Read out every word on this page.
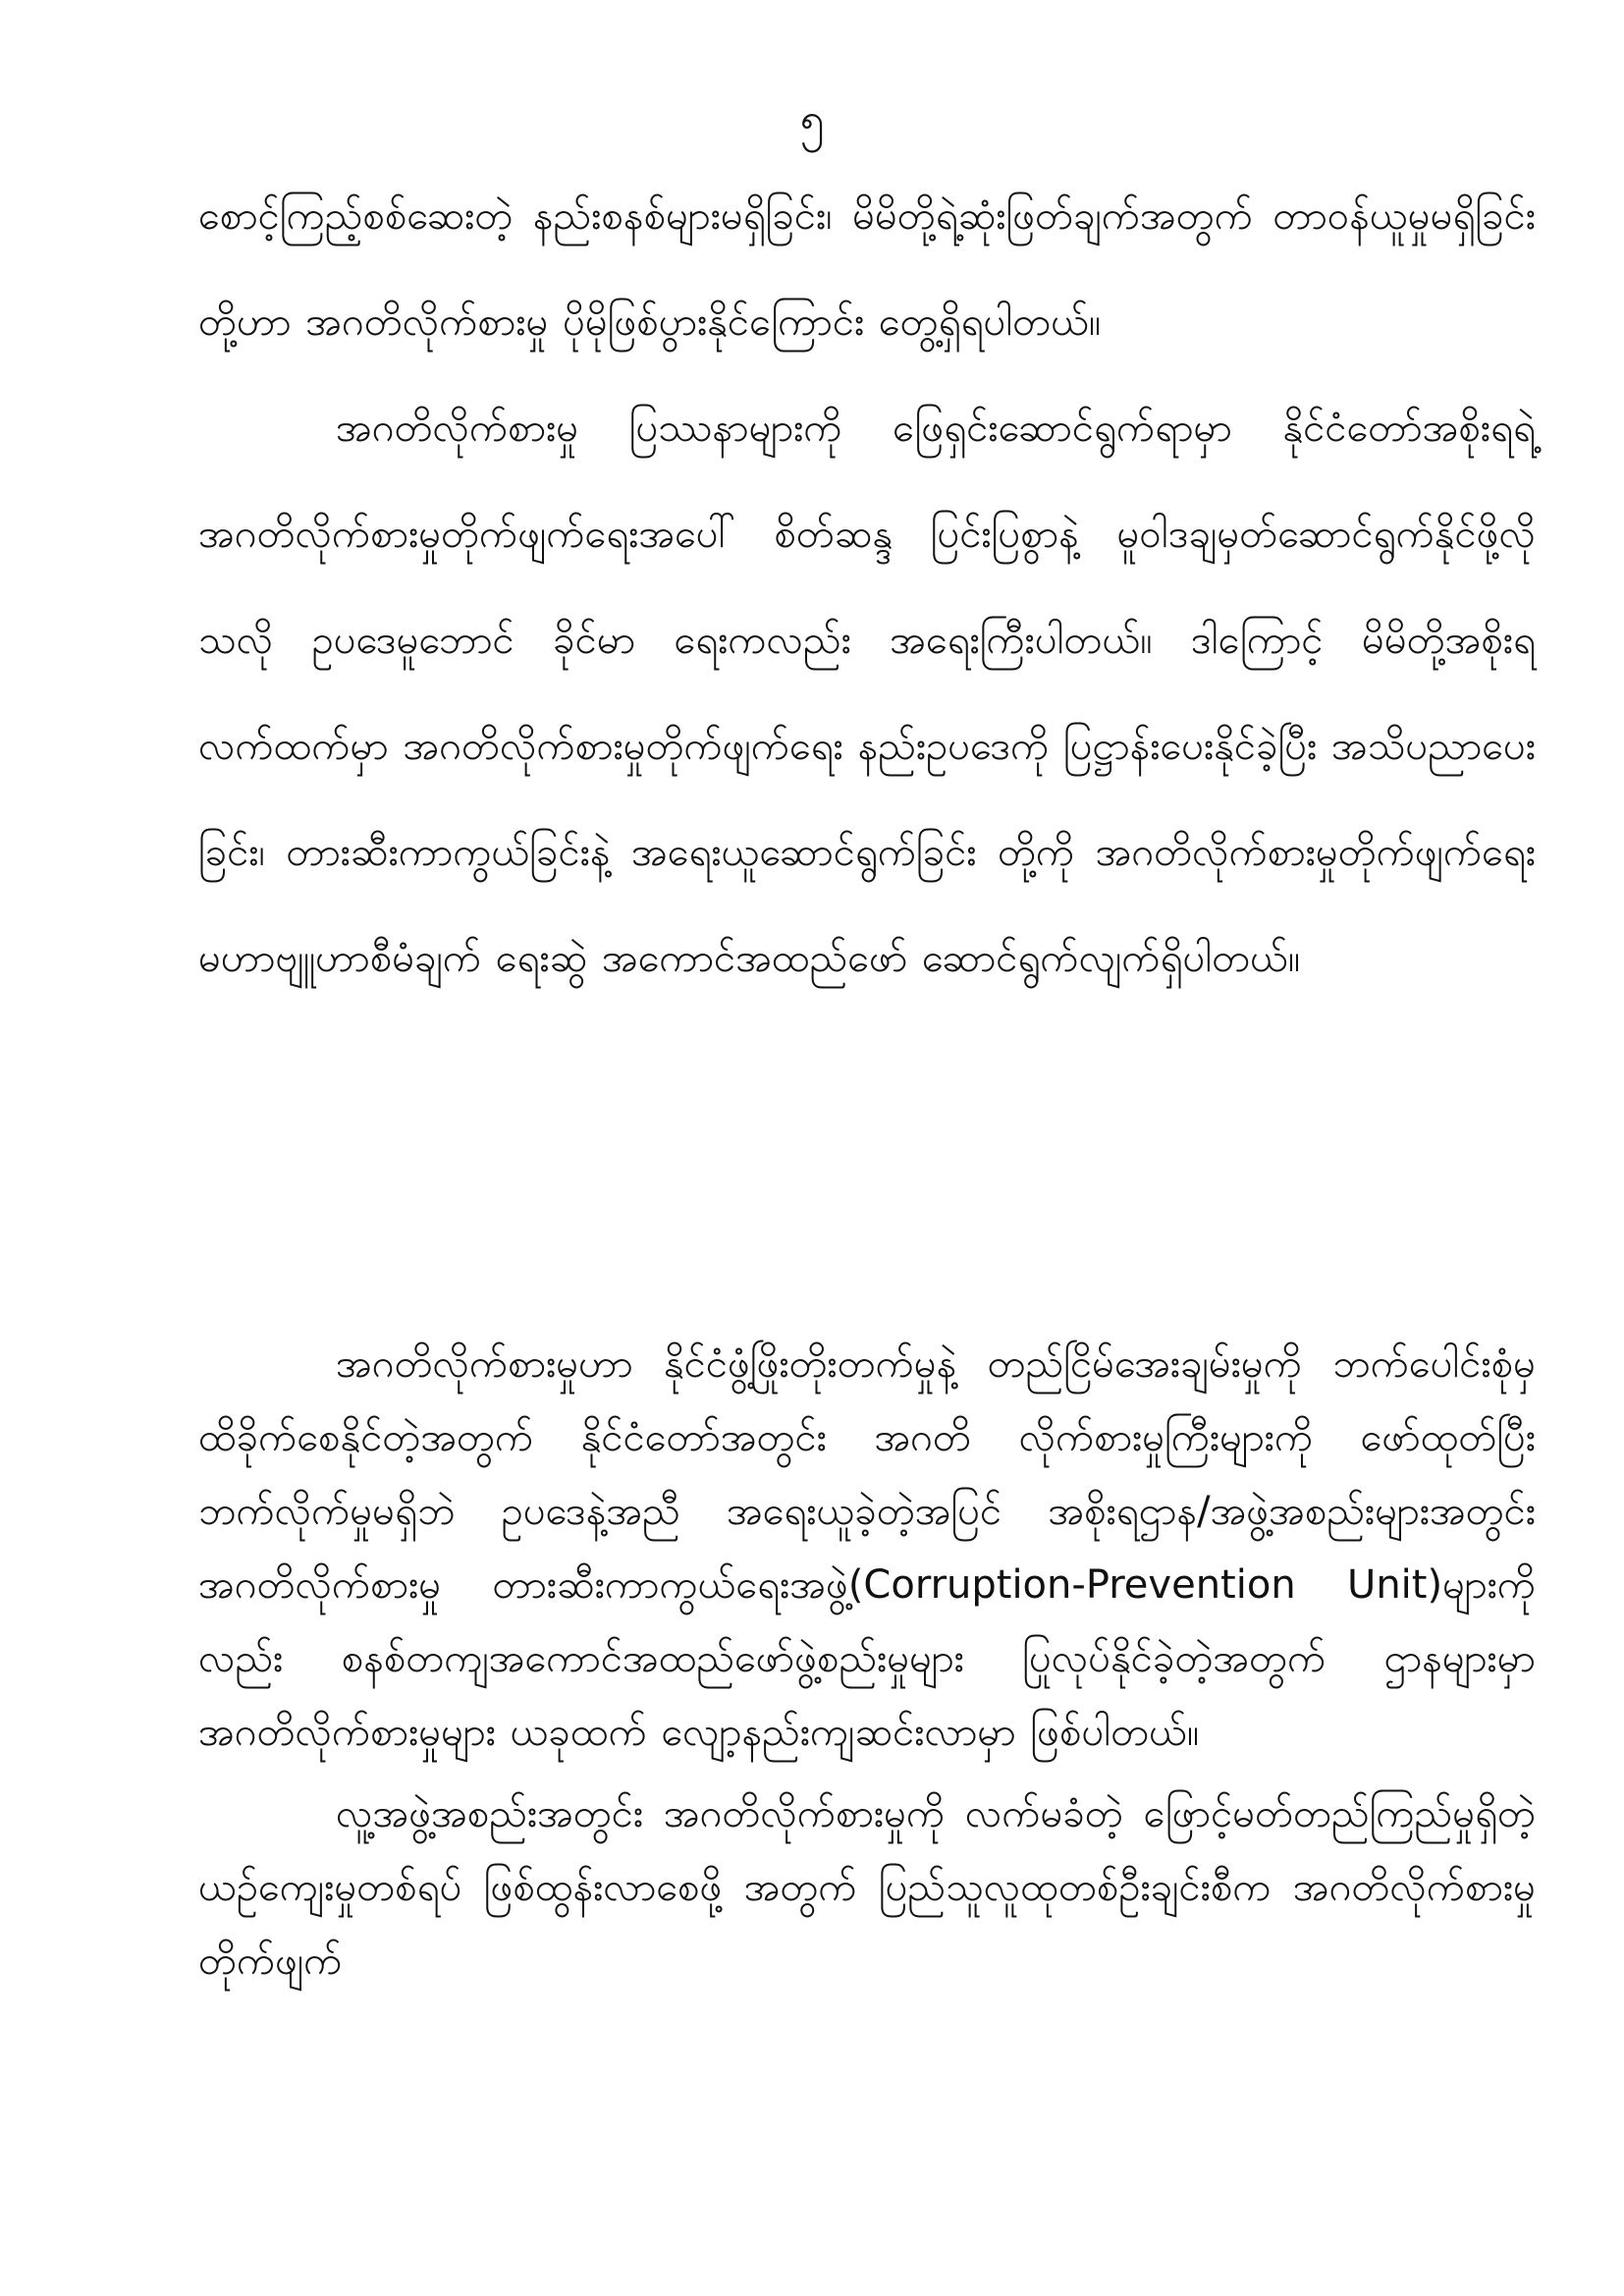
၅

စောင့်ကြည့်စစ်ဆေးတဲ့ နည်းစနစ်များမရှိခြင်း၊ မိမိတို့ရဲ့ဆုံးဖြတ်ချက်အတွက် တာဝန်ယူမှုမရှိခြင်းတို့ဟာ အဂတိလိုက်စားမှု ပိုမိုဖြစ်ပွားနိုင်ကြောင်း တွေ့ရှိရပါတယ်။

အဂတိလိုက်စားမှု ပြဿနာများကို ဖြေရှင်းဆောင်ရွက်ရာမှာ နိုင်ငံတော်အစိုးရရဲ့ အဂတိလိုက်စားမှုတိုက်ဖျက်ရေးအပေါ် စိတ်ဆန္ဒ ပြင်းပြစွာနဲ့ မူဝါဒချမှတ်ဆောင်ရွက်နိုင်ဖို့လိုသလို ဥပဒေမူဘောင် ခိုင်မာ ရေးကလည်း အရေးကြီးပါတယ်။ ဒါကြောင့် မိမိတို့အစိုးရ လက်ထက်မှာ အဂတိလိုက်စားမှုတိုက်ဖျက်ရေး နည်းဥပဒေကို ပြဋ္ဌာန်းပေးနိုင်ခဲ့ပြီး အသိပညာပေးခြင်း၊ တားဆီးကာကွယ်ခြင်းနဲ့ အရေးယူဆောင်ရွက်ခြင်း တို့ကို အဂတိလိုက်စားမှုတိုက်ဖျက်ရေး မဟာဗျူဟာစီမံချက် ရေးဆွဲ အကောင်အထည်ဖော် ဆောင်ရွက်လျက်ရှိပါတယ်။

အဂတိလိုက်စားမှုဟာ နိုင်ငံဖွံ့ဖြိုးတိုးတက်မှုနဲ့ တည်ငြိမ်အေးချမ်းမှုကို ဘက်ပေါင်းစုံမှ ထိခိုက်စေနိုင်တဲ့အတွက် နိုင်ငံတော်အတွင်း အဂတိ လိုက်စားမှုကြီးများကို ဖော်ထုတ်ပြီး ဘက်လိုက်မှုမရှိဘဲ ဥပဒေနဲ့အညီ အရေးယူခဲ့တဲ့အပြင် အစိုးရဌာန/အဖွဲ့အစည်းများအတွင်း အဂတိလိုက်စားမှု တားဆီးကာကွယ်ရေးအဖွဲ့(Corruption-Prevention Unit)များကိုလည်း စနစ်တကျအကောင်အထည်ဖော်ဖွဲ့စည်းမှုများ ပြုလုပ်နိုင်ခဲ့တဲ့အတွက် ဌာနများမှာ အဂတိလိုက်စားမှုများ ယခုထက် လျော့နည်းကျဆင်းလာမှာ ဖြစ်ပါတယ်။

လူ့အဖွဲ့အစည်းအတွင်း အဂတိလိုက်စားမှုကို လက်မခံတဲ့ ဖြောင့်မတ်တည်ကြည်မှုရှိတဲ့ ယဉ်ကျေးမှုတစ်ရပ် ဖြစ်ထွန်းလာစေဖို့ အတွက် ပြည်သူလူထုတစ်ဦးချင်းစီက အဂတိလိုက်စားမှု တိုက်ဖျက်
